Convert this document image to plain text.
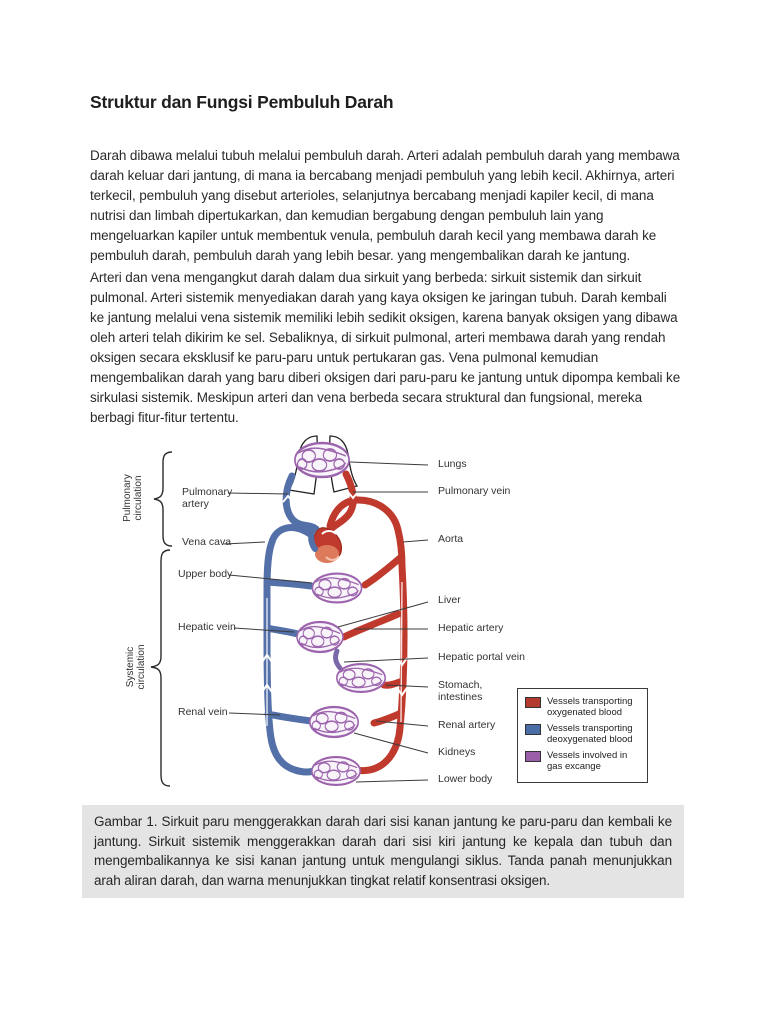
Struktur dan Fungsi Pembuluh Darah

Darah dibawa melalui tubuh melalui pembuluh darah. Arteri adalah pembuluh darah yang membawa darah keluar dari jantung, di mana ia bercabang menjadi pembuluh yang lebih kecil. Akhirnya, arteri terkecil, pembuluh yang disebut arterioles, selanjutnya bercabang menjadi kapiler kecil, di mana nutrisi dan limbah dipertukarkan, dan kemudian bergabung dengan pembuluh lain yang mengeluarkan kapiler untuk membentuk venula, pembuluh darah kecil yang membawa darah ke pembuluh darah, pembuluh darah yang lebih besar. yang mengembalikan darah ke jantung.

Arteri dan vena mengangkut darah dalam dua sirkuit yang berbeda: sirkuit sistemik dan sirkuit pulmonal. Arteri sistemik menyediakan darah yang kaya oksigen ke jaringan tubuh. Darah kembali ke jantung melalui vena sistemik memiliki lebih sedikit oksigen, karena banyak oksigen yang dibawa oleh arteri telah dikirim ke sel. Sebaliknya, di sirkuit pulmonal, arteri membawa darah yang rendah oksigen secara eksklusif ke paru-paru untuk pertukaran gas. Vena pulmonal kemudian mengembalikan darah yang baru diberi oksigen dari paru-paru ke jantung untuk dipompa kembali ke sirkulasi sistemik. Meskipun arteri dan vena berbeda secara struktural dan fungsional, mereka berbagi fitur-fitur tertentu.

Pulmonary circulation
Systemic circulation
Pulmonary
artery
Vena cava
Upper body
Hepatic vein
Renal vein
Lungs
Pulmonary vein
Aorta
Liver
Hepatic artery
Hepatic portal vein
Stomach,
intestines
Renal artery
Kidneys
Lower body
Vessels transporting
oxygenated blood
Vessels transporting
deoxygenated blood
Vessels involved in
gas excange
Gambar 1. Sirkuit paru menggerakkan darah dari sisi kanan jantung ke paru-paru dan kembali ke jantung. Sirkuit sistemik menggerakkan darah dari sisi kiri jantung ke kepala dan tubuh dan mengembalikannya ke sisi kanan jantung untuk mengulangi siklus. Tanda panah menunjukkan arah aliran darah, dan warna menunjukkan tingkat relatif konsentrasi oksigen.
